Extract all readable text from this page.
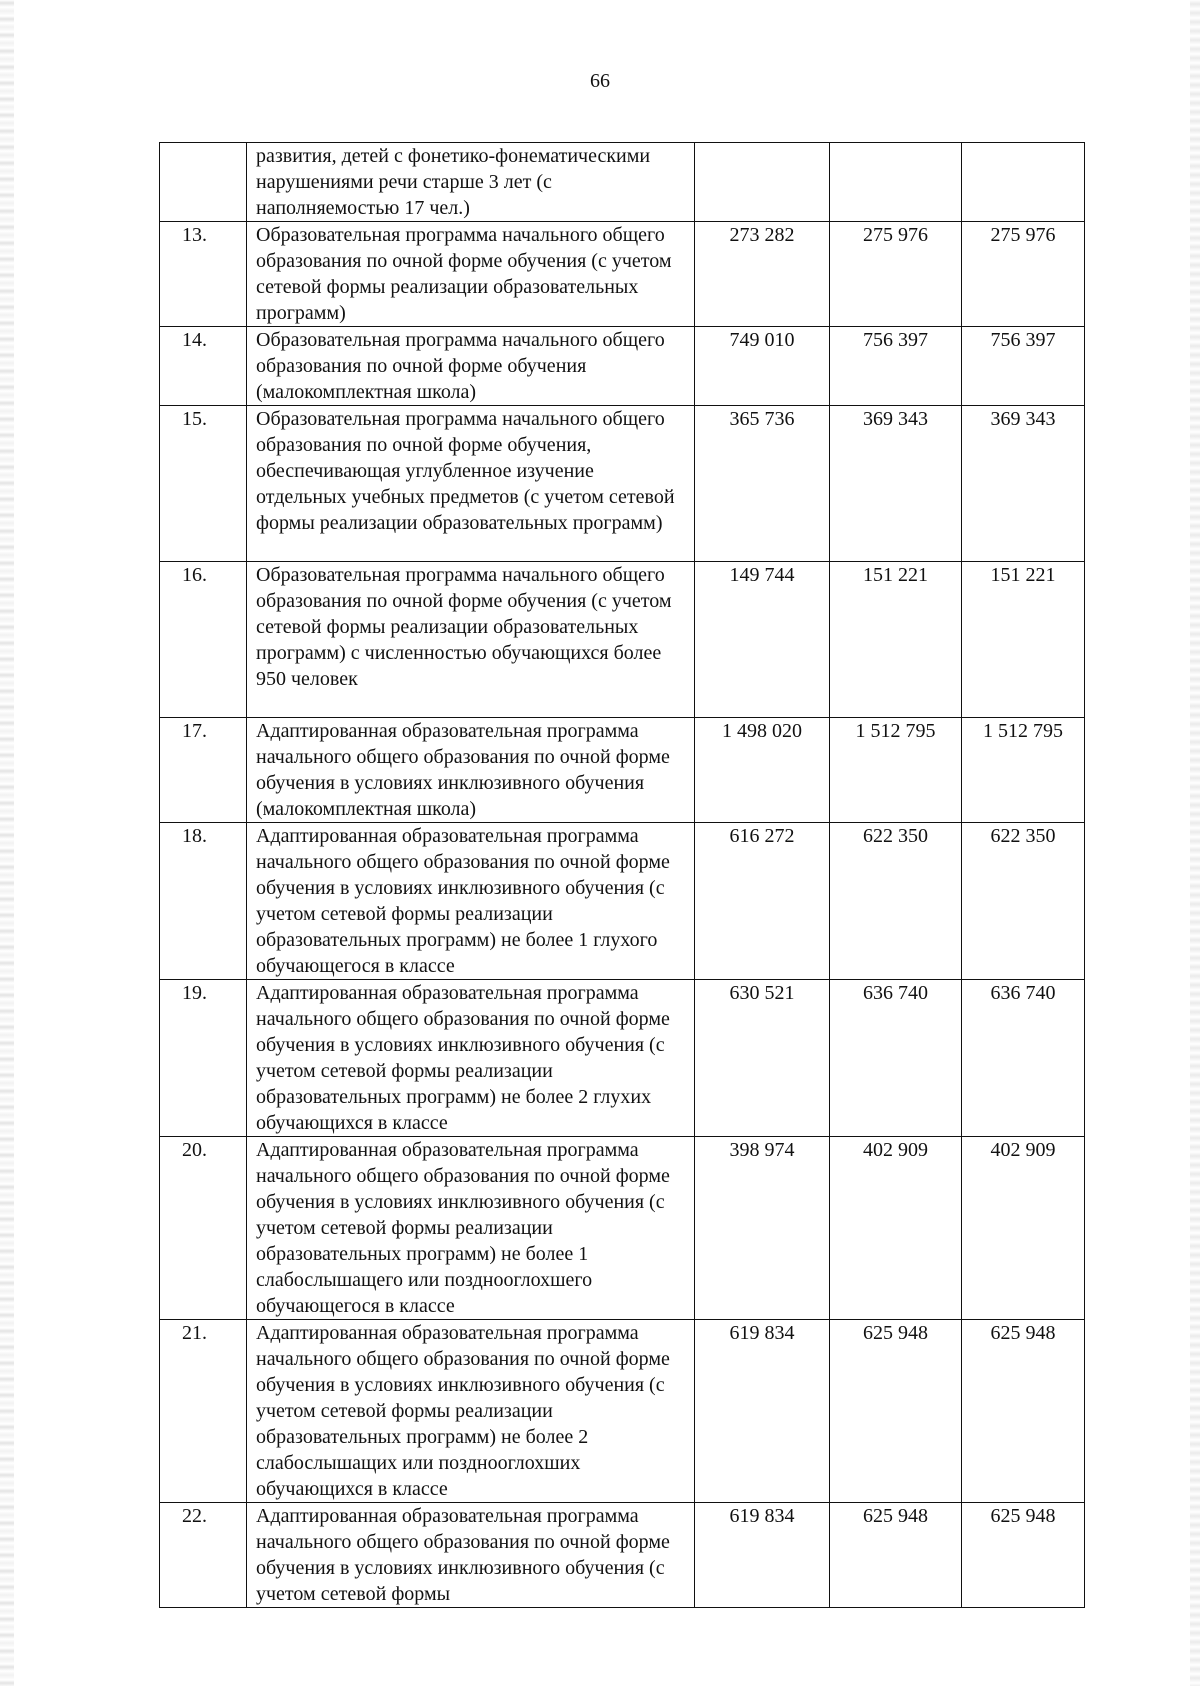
66
	развития, детей с фонетико-фонематическими нарушениями речи старше 3 лет (с наполняемостью 17 чел.)			
13.	Образовательная программа начального общего образования по очной форме обучения (с учетом сетевой формы реализации образовательных программ)	273 282	275 976	275 976
14.	Образовательная программа начального общего образования по очной форме обучения (малокомплектная школа)	749 010	756 397	756 397
15.	Образовательная программа начального общего образования по очной форме обучения, обеспечивающая углубленное изучение отдельных учебных предметов (с учетом сетевой формы реализации образовательных программ)	365 736	369 343	369 343
16.	Образовательная программа начального общего образования по очной форме обучения (с учетом сетевой формы реализации образовательных программ) с численностью обучающихся более 950 человек	149 744	151 221	151 221
17.	Адаптированная образовательная программа начального общего образования по очной форме обучения в условиях инклюзивного обучения (малокомплектная школа)	1 498 020	1 512 795	1 512 795
18.	Адаптированная образовательная программа начального общего образования по очной форме обучения в условиях инклюзивного обучения (с учетом сетевой формы реализации образовательных программ) не более 1 глухого обучающегося в классе	616 272	622 350	622 350
19.	Адаптированная образовательная программа начального общего образования по очной форме обучения в условиях инклюзивного обучения (с учетом сетевой формы реализации образовательных программ) не более 2 глухих обучающихся в классе	630 521	636 740	636 740
20.	Адаптированная образовательная программа начального общего образования по очной форме обучения в условиях инклюзивного обучения (с учетом сетевой формы реализации образовательных программ) не более 1 слабослышащего или позднооглохшего обучающегося в классе	398 974	402 909	402 909
21.	Адаптированная образовательная программа начального общего образования по очной форме обучения в условиях инклюзивного обучения (с учетом сетевой формы реализации образовательных программ) не более 2 слабослышащих или позднооглохших обучающихся в классе	619 834	625 948	625 948
22.	Адаптированная образовательная программа начального общего образования по очной форме обучения в условиях инклюзивного обучения (с учетом сетевой формы	619 834	625 948	625 948
